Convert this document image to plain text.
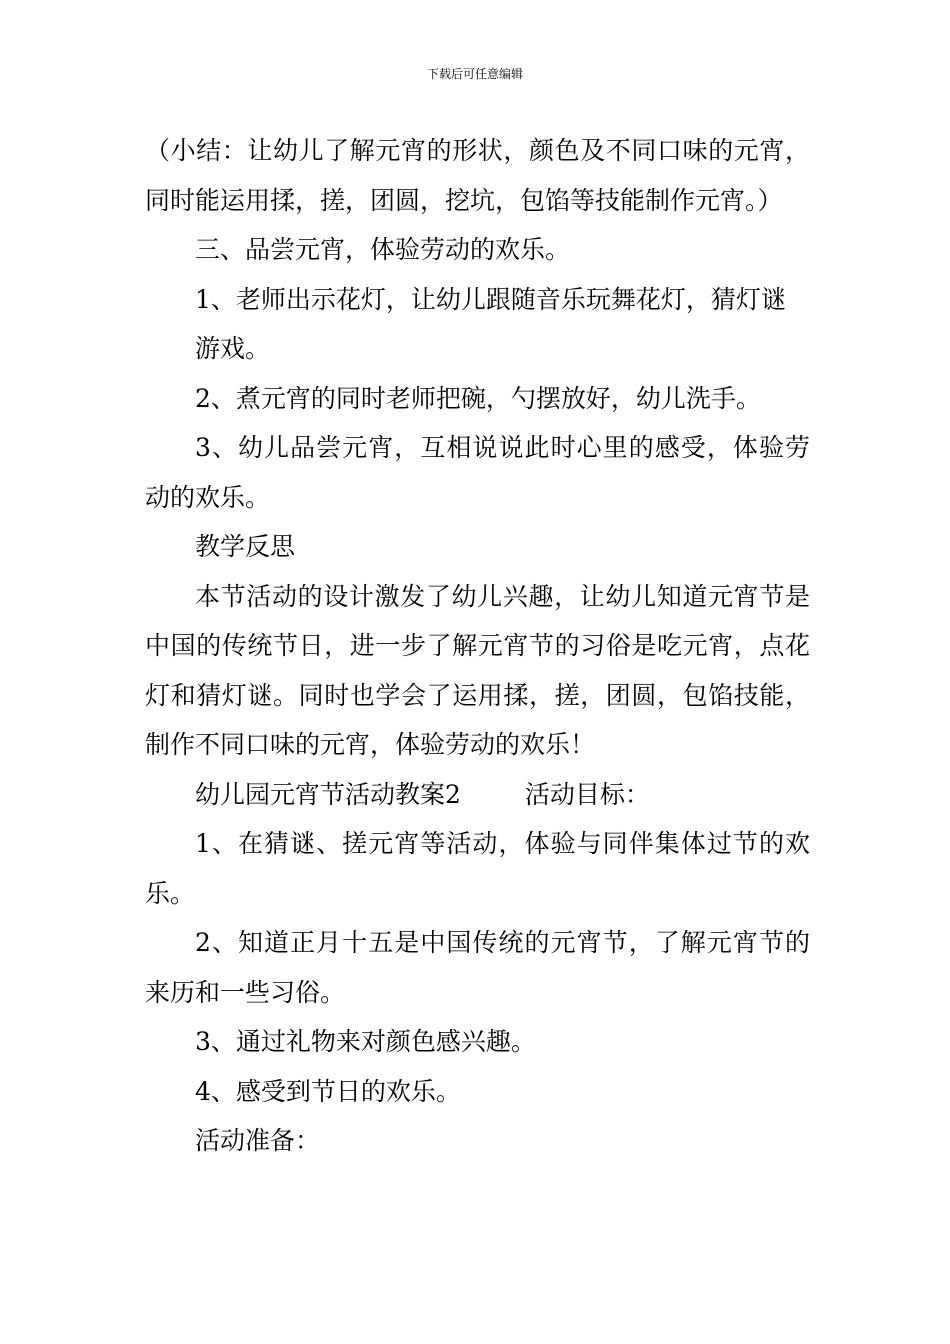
下载后可任意编辑

（小结：让幼儿了解元宵的形状，颜色及不同口味的元宵，同时能运用揉，搓，团圆，挖坑，包馅等技能制作元宵。）

三、品尝元宵，体验劳动的欢乐。

1、老师出示花灯，让幼儿跟随音乐玩舞花灯，猜灯谜

游戏。

2、煮元宵的同时老师把碗，勺摆放好，幼儿洗手。

3、幼儿品尝元宵，互相说说此时心里的感受，体验劳动的欢乐。

教学反思

本节活动的设计激发了幼儿兴趣，让幼儿知道元宵节是中国的传统节日，进一步了解元宵节的习俗是吃元宵，点花灯和猜灯谜。同时也学会了运用揉，搓，团圆，包馅技能，制作不同口味的元宵，体验劳动的欢乐！

幼儿园元宵节活动教案2	活动目标：

1、在猜谜、搓元宵等活动，体验与同伴集体过节的欢乐。

2、知道正月十五是中国传统的元宵节，了解元宵节的来历和一些习俗。

3、通过礼物来对颜色感兴趣。

4、感受到节日的欢乐。

活动准备：
